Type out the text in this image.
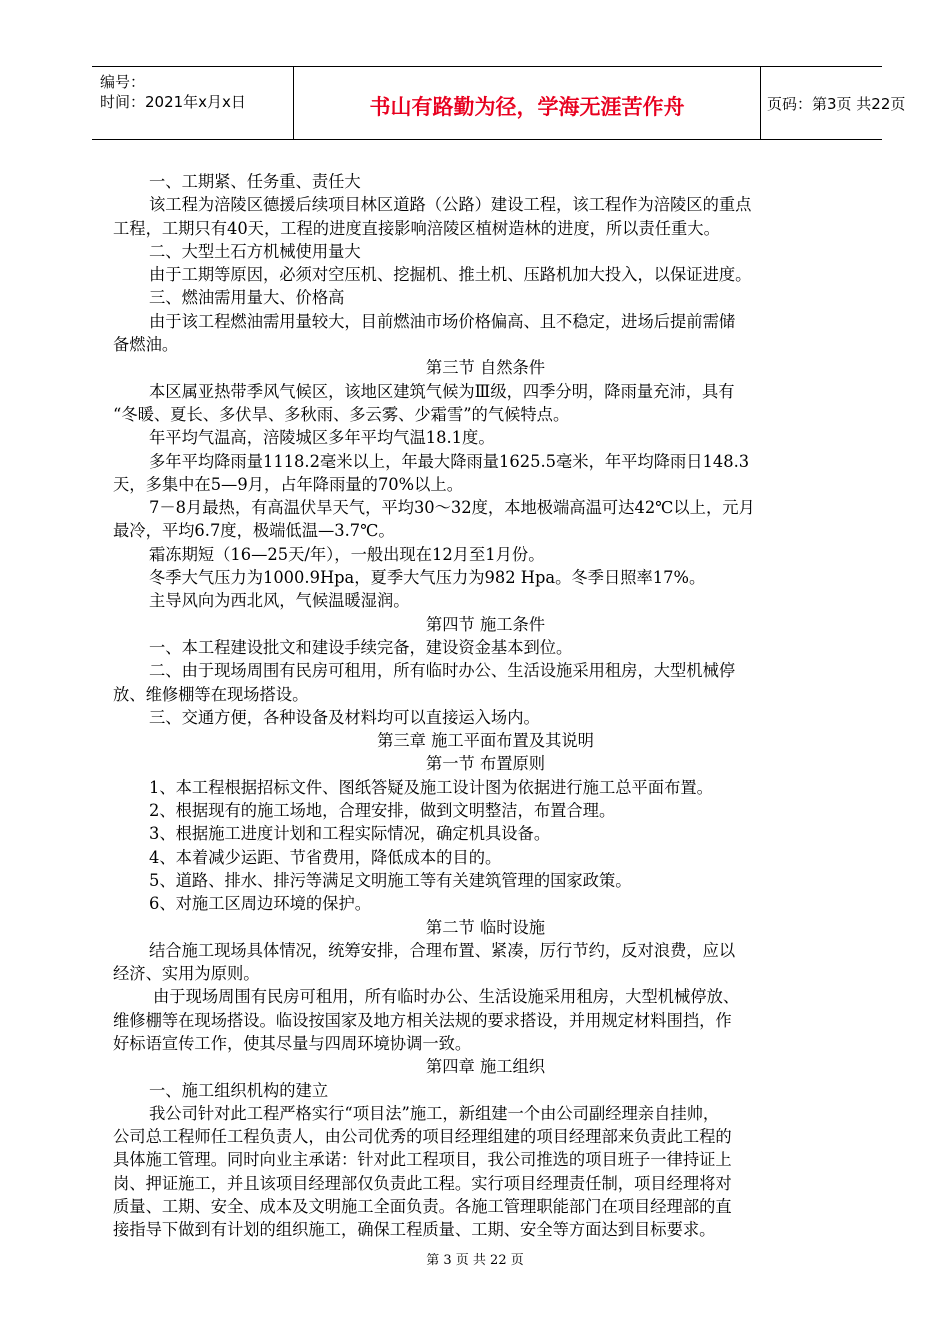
编号：
时间：2021年x月x日	书山有路勤为径，学海无涯苦作舟	页码：第3页 共22页

一、工期紧、任务重、责任大

该工程为涪陵区德援后续项目林区道路（公路）建设工程，该工程作为涪陵区的重点

工程，工期只有40天，工程的进度直接影响涪陵区植树造林的进度，所以责任重大。

二、大型土石方机械使用量大

由于工期等原因，必须对空压机、挖掘机、推土机、压路机加大投入，以保证进度。

三、燃油需用量大、价格高

由于该工程燃油需用量较大，目前燃油市场价格偏高、且不稳定，进场后提前需储

备燃油。

第三节 自然条件

本区属亚热带季风气候区，该地区建筑气候为Ⅲ级，四季分明，降雨量充沛，具有

“冬暖、夏长、多伏旱、多秋雨、多云雾、少霜雪”的气候特点。

年平均气温高，涪陵城区多年平均气温18.1度。

多年平均降雨量1118.2毫米以上，年最大降雨量1625.5毫米，年平均降雨日148.3

天，多集中在5—9月，占年降雨量的70%以上。

7－8月最热，有高温伏旱天气，平均30～32度，本地极端高温可达42℃以上，元月

最冷，平均6.7度，极端低温—3.7℃。

霜冻期短（16—25天/年），一般出现在12月至1月份。

冬季大气压力为1000.9Hpa，夏季大气压力为982 Hpa。冬季日照率17%。

主导风向为西北风，气候温暖湿润。

第四节 施工条件

一、本工程建设批文和建设手续完备，建设资金基本到位。

二、由于现场周围有民房可租用，所有临时办公、生活设施采用租房，大型机械停

放、维修棚等在现场搭设。

三、交通方便，各种设备及材料均可以直接运入场内。

第三章 施工平面布置及其说明

第一节 布置原则

1、本工程根据招标文件、图纸答疑及施工设计图为依据进行施工总平面布置。

2、根据现有的施工场地，合理安排，做到文明整洁，布置合理。

3、根据施工进度计划和工程实际情况，确定机具设备。

4、本着减少运距、节省费用，降低成本的目的。

5、道路、排水、排污等满足文明施工等有关建筑管理的国家政策。

6、对施工区周边环境的保护。

第二节 临时设施

结合施工现场具体情况，统筹安排，合理布置、紧凑，厉行节约，反对浪费，应以

经济、实用为原则。

由于现场周围有民房可租用，所有临时办公、生活设施采用租房，大型机械停放、

维修棚等在现场搭设。临设按国家及地方相关法规的要求搭设，并用规定材料围挡，作

好标语宣传工作，使其尽量与四周环境协调一致。

第四章 施工组织

一、施工组织机构的建立

我公司针对此工程严格实行“项目法”施工，新组建一个由公司副经理亲自挂帅，

公司总工程师任工程负责人，由公司优秀的项目经理组建的项目经理部来负责此工程的

具体施工管理。同时向业主承诺：针对此工程项目，我公司推选的项目班子一律持证上

岗、押证施工，并且该项目经理部仅负责此工程。实行项目经理责任制，项目经理将对

质量、工期、安全、成本及文明施工全面负责。各施工管理职能部门在项目经理部的直

接指导下做到有计划的组织施工，确保工程质量、工期、安全等方面达到目标要求。

第 3 页 共 22 页
